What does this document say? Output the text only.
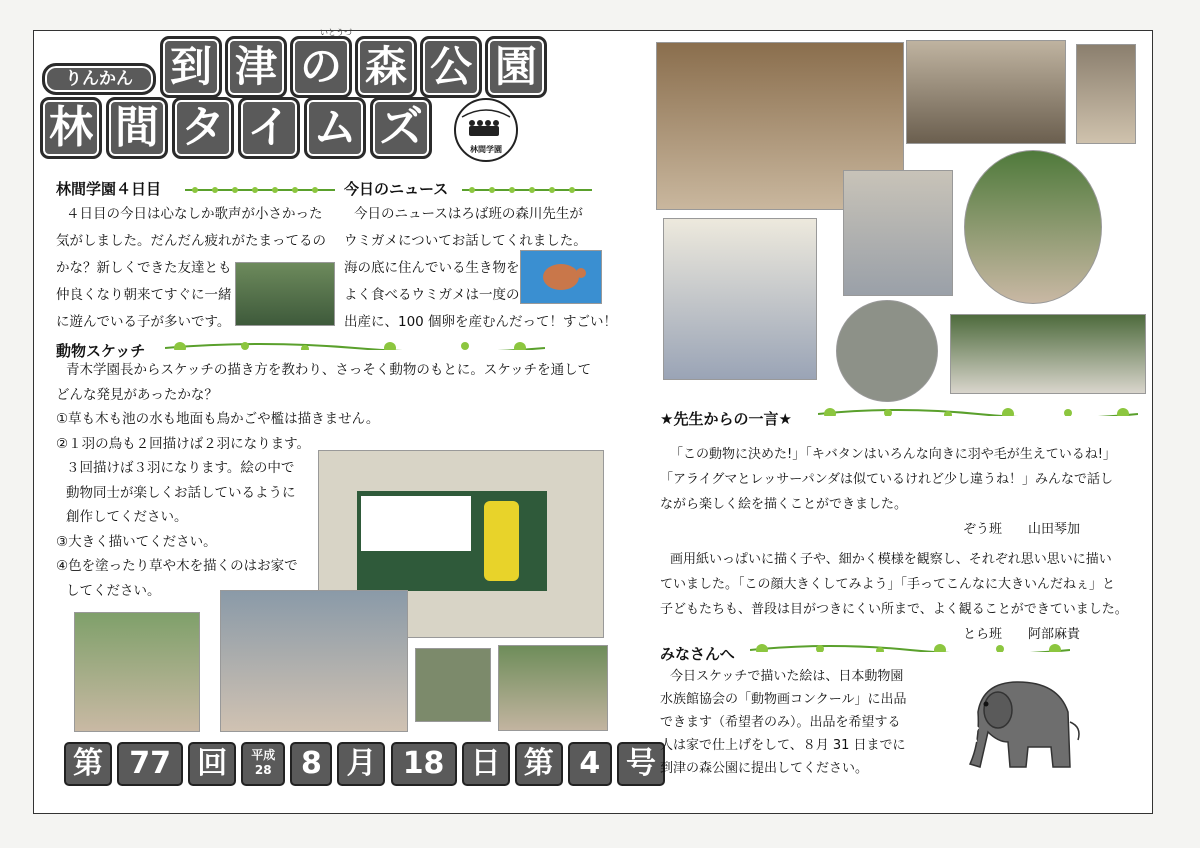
りんかん 到 津 の 森 公 園
いとうづ
林 間 タ イ ム ズ	林間学園
林間学園４日目
４日目の今日は心なしか歌声が小さかった
気がしました。だんだん疲れがたまってるの
かな？新しくできた友達とも
仲良くなり朝来てすぐに一緒
に遊んでいる子が多いです。
今日のニュース
今日のニュースはろば班の森川先生が
ウミガメについてお話してくれました。
海の底に住んでいる生き物を
よく食べるウミガメは一度の
出産に、100 個卵を産むんだって！すごい！
動物スケッチ
青木学園長からスケッチの描き方を教わり、さっそく動物のもとに。スケッチを通して
どんな発見があったかな？
①草も木も池の水も地面も鳥かごや檻は描きません。
②１羽の鳥も２回描けば２羽になります。
３回描けば３羽になります。絵の中で
動物同士が楽しくお話しているように
創作してください。
③大きく描いてください。
④色を塗ったり草や木を描くのはお家で
してください。
第 77 回	平成
28 8 月 18 日 第 4 号
★先生からの一言★
「この動物に決めた!」「キバタンはいろんな向きに羽や毛が生えているね!」
「アライグマとレッサーパンダは似ているけれど少し違うね！」みんなで話し
ながら楽しく絵を描くことができました。
ぞう班　　山田琴加
画用紙いっぱいに描く子や、細かく模様を観察し、それぞれ思い思いに描い
ていました。「この顔大きくしてみよう」「手ってこんなに大きいんだねぇ」と
子どもたちも、普段は目がつきにくい所まで、よく観ることができていました。
とら班　　阿部麻貴
みなさんへ
今日スケッチで描いた絵は、日本動物園
水族館協会の「動物画コンクール」に出品
できます（希望者のみ）。出品を希望する
人は家で仕上げをして、８月 31 日までに
到津の森公園に提出してください。
